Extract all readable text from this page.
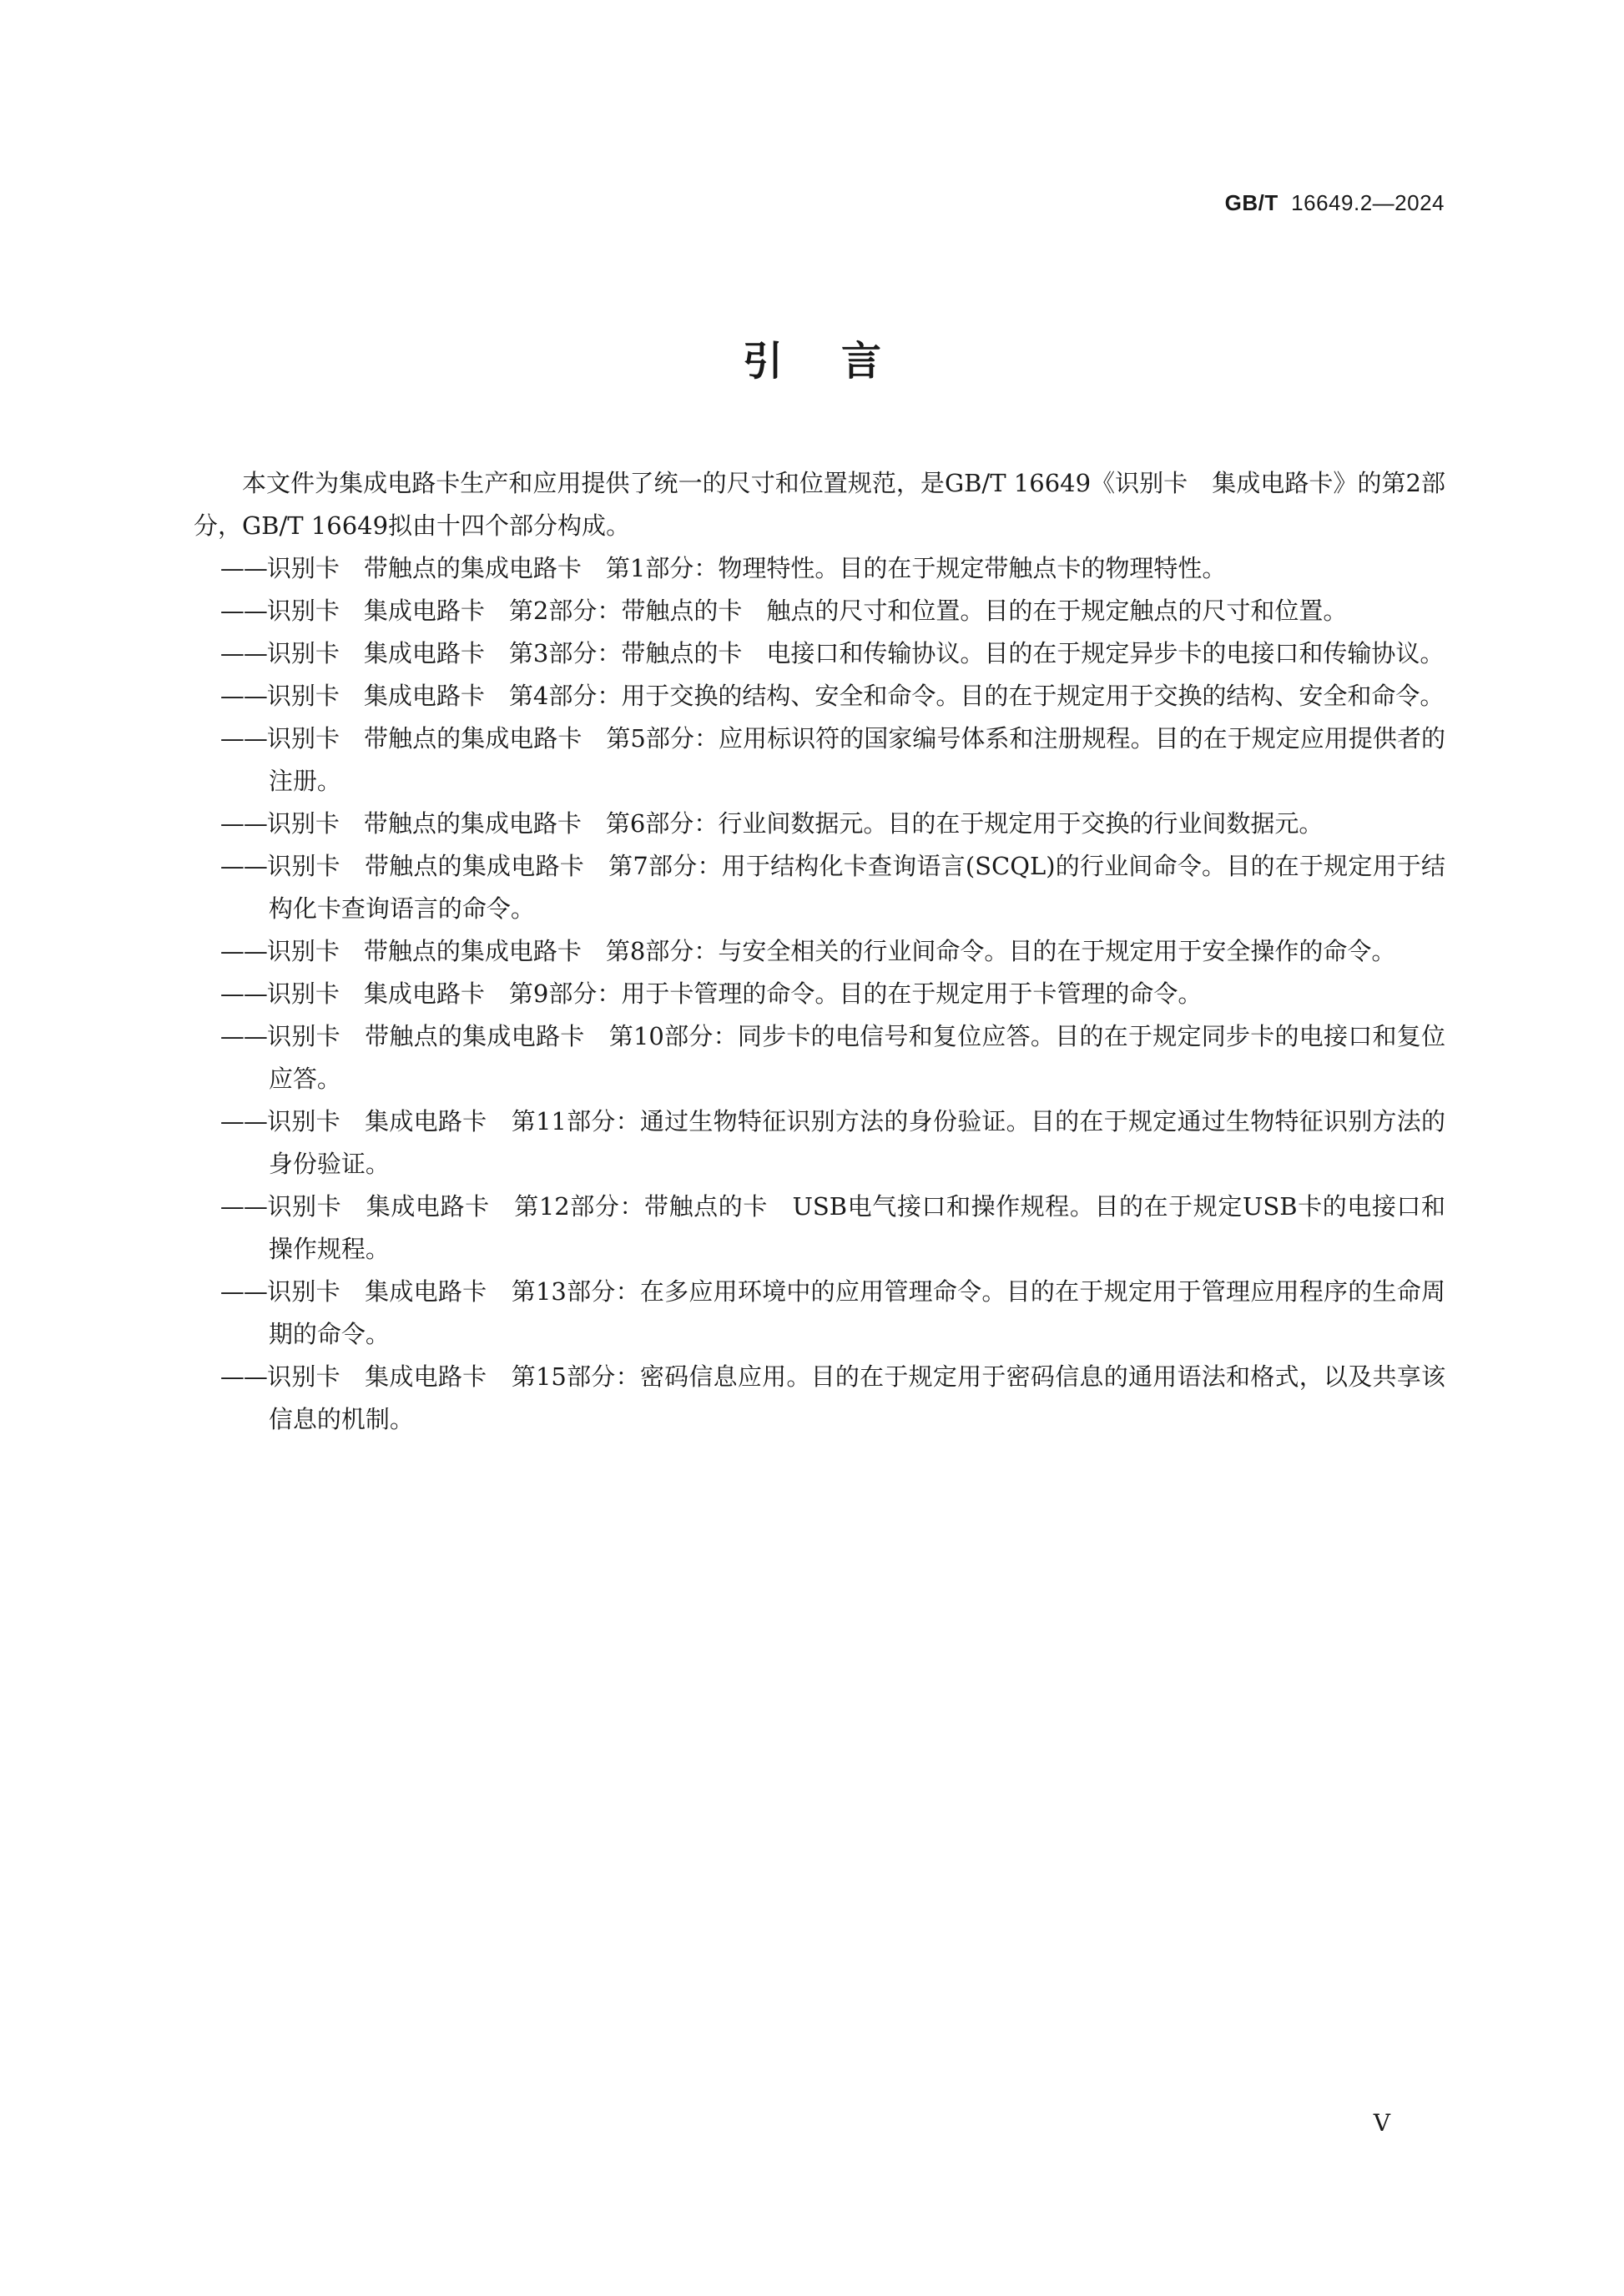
GB/T 16649.2—2024
引言

本文件为集成电路卡生产和应用提供了统一的尺寸和位置规范，是GB/T 16649《识别卡　集成电路卡》的第2部分，GB/T 16649拟由十四个部分构成。

——识别卡　带触点的集成电路卡　第1部分：物理特性。目的在于规定带触点卡的物理特性。
——识别卡　集成电路卡　第2部分：带触点的卡　触点的尺寸和位置。目的在于规定触点的尺寸和位置。
——识别卡　集成电路卡　第3部分：带触点的卡　电接口和传输协议。目的在于规定异步卡的电接口和传输协议。
——识别卡　集成电路卡　第4部分：用于交换的结构、安全和命令。目的在于规定用于交换的结构、安全和命令。
——识别卡　带触点的集成电路卡　第5部分：应用标识符的国家编号体系和注册规程。目的在于规定应用提供者的注册。
——识别卡　带触点的集成电路卡　第6部分：行业间数据元。目的在于规定用于交换的行业间数据元。
——识别卡　带触点的集成电路卡　第7部分：用于结构化卡查询语言(SCQL)的行业间命令。目的在于规定用于结构化卡查询语言的命令。
——识别卡　带触点的集成电路卡　第8部分：与安全相关的行业间命令。目的在于规定用于安全操作的命令。
——识别卡　集成电路卡　第9部分：用于卡管理的命令。目的在于规定用于卡管理的命令。
——识别卡　带触点的集成电路卡　第10部分：同步卡的电信号和复位应答。目的在于规定同步卡的电接口和复位应答。
——识别卡　集成电路卡　第11部分：通过生物特征识别方法的身份验证。目的在于规定通过生物特征识别方法的身份验证。
——识别卡　集成电路卡　第12部分：带触点的卡　USB电气接口和操作规程。目的在于规定USB卡的电接口和操作规程。
——识别卡　集成电路卡　第13部分：在多应用环境中的应用管理命令。目的在于规定用于管理应用程序的生命周期的命令。
——识别卡　集成电路卡　第15部分：密码信息应用。目的在于规定用于密码信息的通用语法和格式，以及共享该信息的机制。
V
